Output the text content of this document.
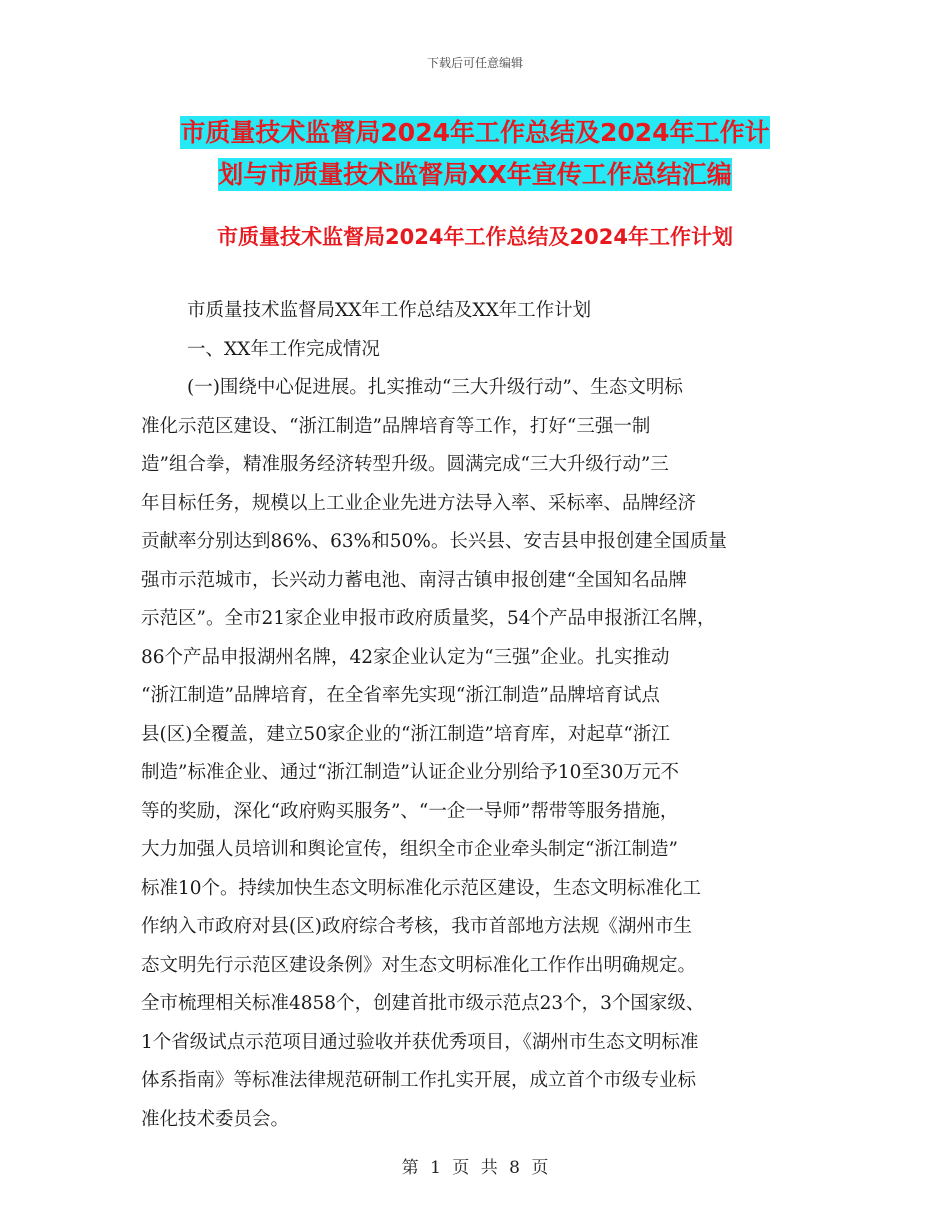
下载后可任意编辑
市质量技术监督局2024年工作总结及2024年工作计
划与市质量技术监督局XX年宣传工作总结汇编
市质量技术监督局2024年工作总结及2024年工作计划
市质量技术监督局XX年工作总结及XX年工作计划
一、XX年工作完成情况
(一)围绕中心促进展。扎实推动“三大升级行动”、生态文明标
准化示范区建设、“浙江制造”品牌培育等工作，打好“三强一制
造”组合拳，精准服务经济转型升级。圆满完成“三大升级行动”三
年目标任务，规模以上工业企业先进方法导入率、采标率、品牌经济
贡献率分别达到86%、63%和50%。长兴县、安吉县申报创建全国质量
强市示范城市，长兴动力蓄电池、南浔古镇申报创建“全国知名品牌
示范区”。全市21家企业申报市政府质量奖，54个产品申报浙江名牌，
86个产品申报湖州名牌，42家企业认定为“三强”企业。扎实推动
“浙江制造”品牌培育，在全省率先实现“浙江制造”品牌培育试点
县(区)全覆盖，建立50家企业的“浙江制造”培育库，对起草“浙江
制造”标准企业、通过“浙江制造”认证企业分别给予10至30万元不
等的奖励，深化“政府购买服务”、“一企一导师”帮带等服务措施，
大力加强人员培训和舆论宣传，组织全市企业牵头制定“浙江制造”
标准10个。持续加快生态文明标准化示范区建设，生态文明标准化工
作纳入市政府对县(区)政府综合考核，我市首部地方法规《湖州市生
态文明先行示范区建设条例》对生态文明标准化工作作出明确规定。
全市梳理相关标准4858个，创建首批市级示范点23个，3个国家级、
1个省级试点示范项目通过验收并获优秀项目，《湖州市生态文明标准
体系指南》等标准法律规范研制工作扎实开展，成立首个市级专业标
准化技术委员会。
第 1 页 共 8 页
